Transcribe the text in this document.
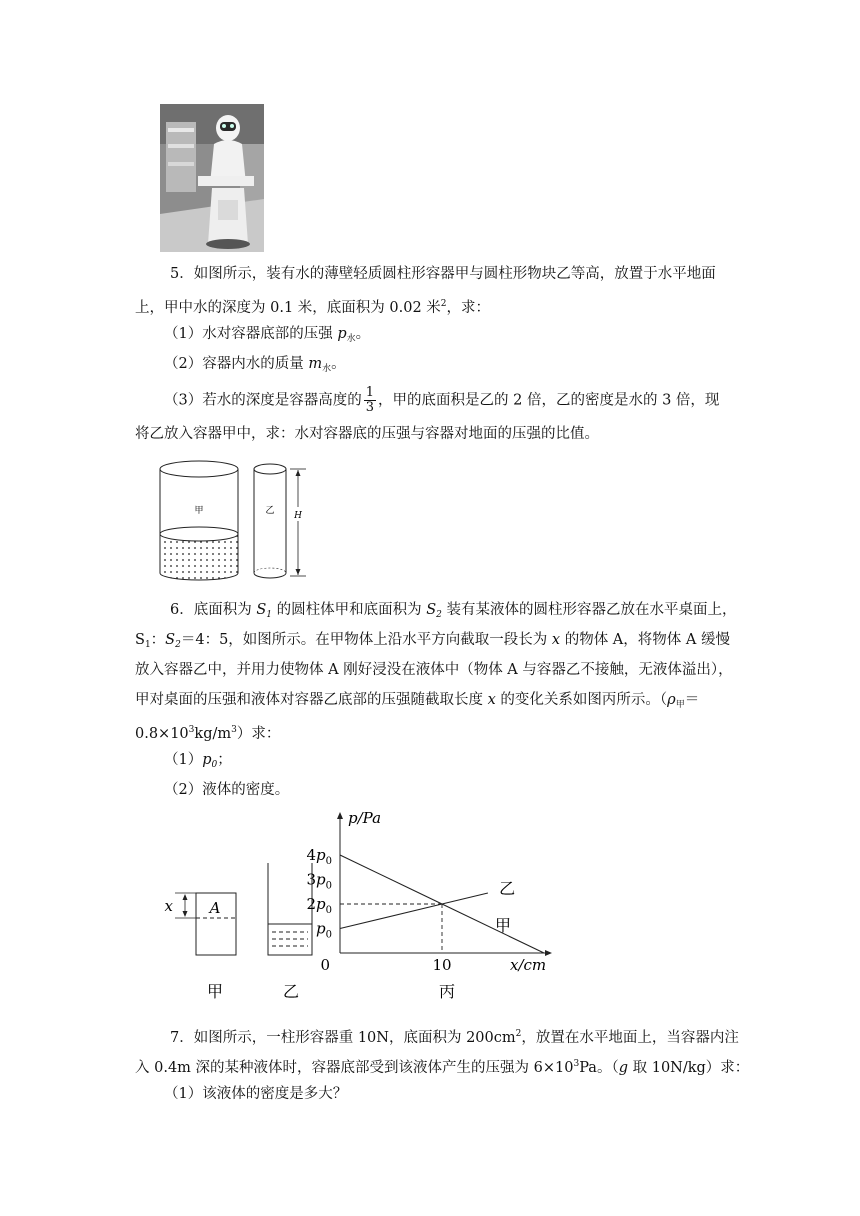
5．如图所示，装有水的薄壁轻质圆柱形容器甲与圆柱形物块乙等高，放置于水平地面
上，甲中水的深度为 0.1 米，底面积为 0.02 米$^2$，求：
（1）水对容器底部的压强 $p_水$。
（2）容器内水的质量 $m_水$。
（3）若水的深度是容器高度的 $\frac{1}{3}$ ，甲的底面积是乙的 2 倍，乙的密度是水的 3 倍，现
将乙放入容器甲中，求：水对容器底的压强与容器对地面的压强的比值。
甲	乙 H
6．底面积为 $S_1$ 的圆柱体甲和底面积为 $S_2$ 装有某液体的圆柱形容器乙放在水平桌面上，
$S_1$：$S_2=4$：5，如图所示。在甲物体上沿水平方向截取一段长为 x 的物体 A，将物体 A 缓慢
放入容器乙中，并用力使物体 A 刚好浸没在液体中（物体 A 与容器乙不接触，无液体溢出），
甲对桌面的压强和液体对容器乙底部的压强随截取长度 x 的变化关系如图丙所示。（$\rho_甲=$
$0.8\times 10^3kg/m^3$）求：
$(1)p_0$；
（2）液体的密度。
A
x
甲	乙
p/Pa
x/cm
0
$p_0$
$2p_0$
$3p_0$
$4p_0$
10
乙
甲
丙
7．如图所示，一柱形容器重 10N，底面积为 $200cm^2$，放置在水平地面上，当容器内注
入 0.4m 深的某种液体时，容器底部受到该液体产生的压强为 $6\times 10^3Pa$。（g 取 10N/kg）求：
（1）该液体的密度是多大？
